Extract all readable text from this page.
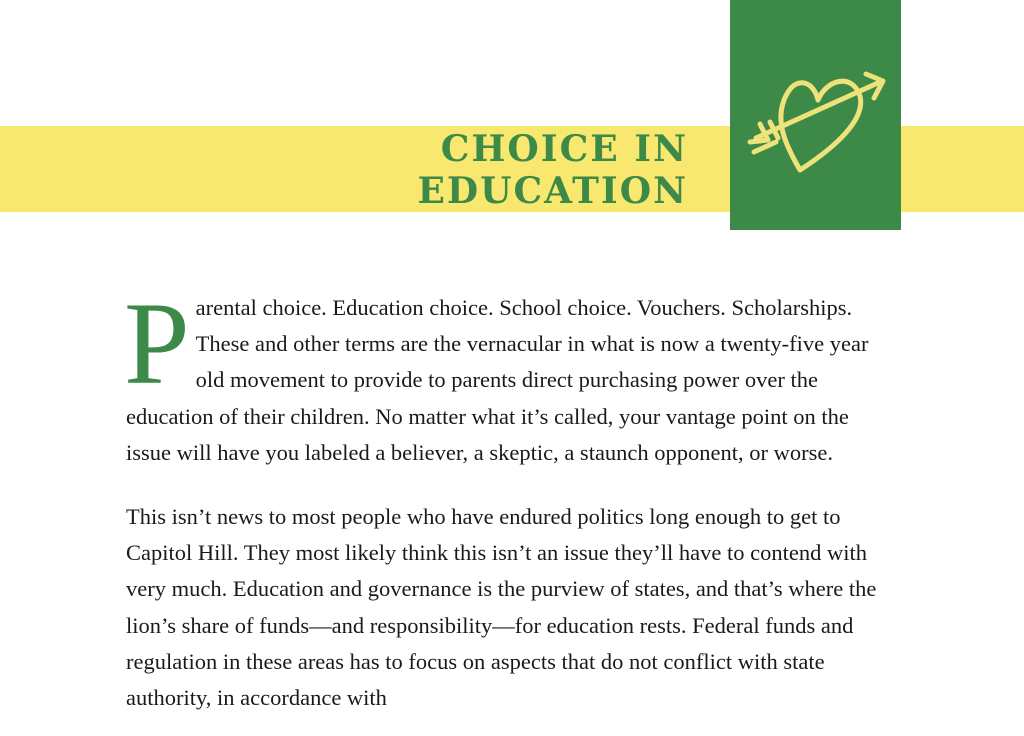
CHOICE IN
EDUCATION

Parental choice. Education choice. School choice. Vouchers. Scholarships. These and other terms are the vernacular in what is now a twenty-five year old movement to provide to parents direct purchasing power over the education of their children. No matter what it’s called, your vantage point on the issue will have you labeled a believer, a skeptic, a staunch opponent, or worse.

This isn’t news to most people who have endured politics long enough to get to Capitol Hill. They most likely think this isn’t an issue they’ll have to contend with very much. Education and governance is the purview of states, and that’s where the lion’s share of funds—and responsibility—for education rests. Federal funds and regulation in these areas has to focus on aspects that do not conflict with state authority, in accordance with
